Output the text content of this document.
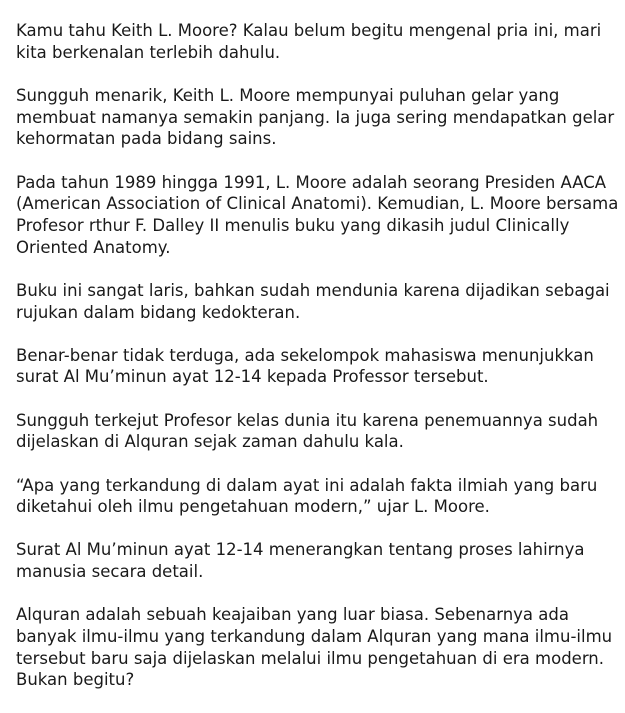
Kamu tahu Keith L. Moore? Kalau belum begitu mengenal pria ini, mari
kita berkenalan terlebih dahulu.

Sungguh menarik, Keith L. Moore mempunyai puluhan gelar yang
membuat namanya semakin panjang. Ia juga sering mendapatkan gelar
kehormatan pada bidang sains.

Pada tahun 1989 hingga 1991, L. Moore adalah seorang Presiden AACA
(American Association of Clinical Anatomi). Kemudian, L. Moore bersama
Profesor rthur F. Dalley II menulis buku yang dikasih judul Clinically
Oriented Anatomy.

Buku ini sangat laris, bahkan sudah mendunia karena dijadikan sebagai
rujukan dalam bidang kedokteran.

Benar-benar tidak terduga, ada sekelompok mahasiswa menunjukkan
surat Al Mu’minun ayat 12-14 kepada Professor tersebut.

Sungguh terkejut Profesor kelas dunia itu karena penemuannya sudah
dijelaskan di Alquran sejak zaman dahulu kala.

“Apa yang terkandung di dalam ayat ini adalah fakta ilmiah yang baru
diketahui oleh ilmu pengetahuan modern,” ujar L. Moore.

Surat Al Mu’minun ayat 12-14 menerangkan tentang proses lahirnya
manusia secara detail.

Alquran adalah sebuah keajaiban yang luar biasa. Sebenarnya ada
banyak ilmu-ilmu yang terkandung dalam Alquran yang mana ilmu-ilmu
tersebut baru saja dijelaskan melalui ilmu pengetahuan di era modern.
Bukan begitu?
